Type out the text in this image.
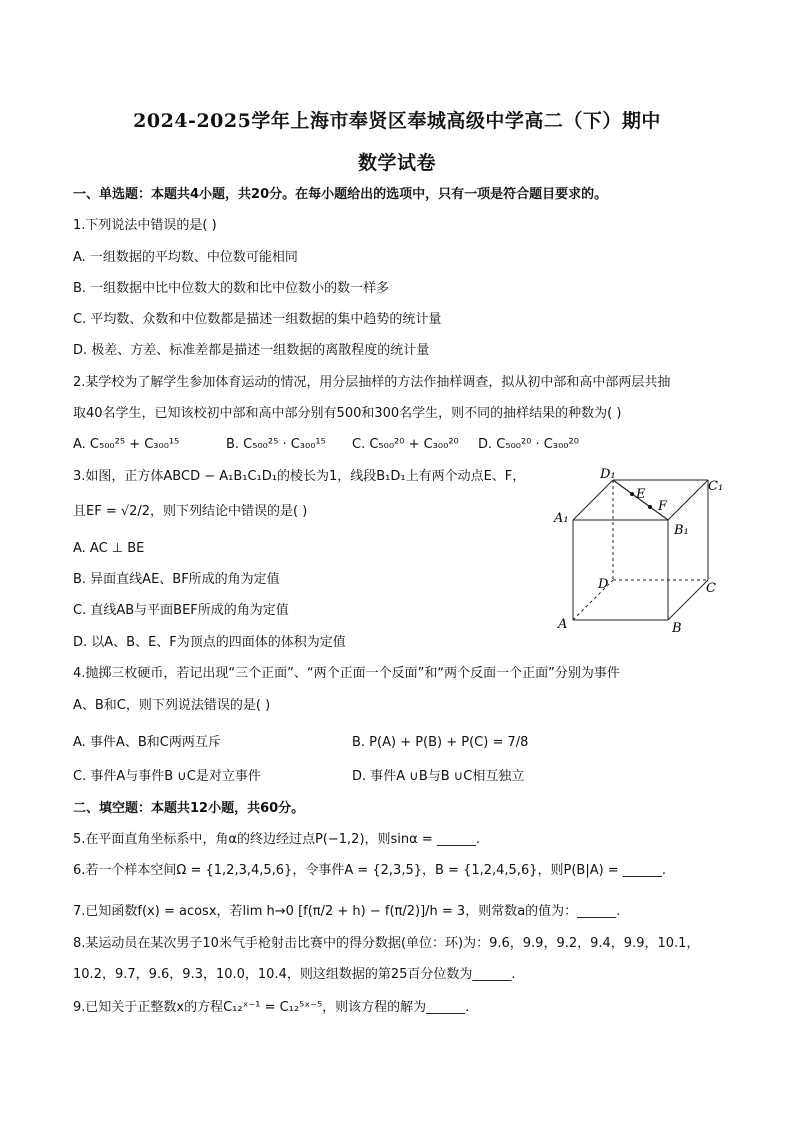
2024-2025学年上海市奉贤区奉城高级中学高二（下）期中
数学试卷
一、单选题：本题共4小题，共20分。在每小题给出的选项中，只有一项是符合题目要求的。
1.下列说法中错误的是( )
A. 一组数据的平均数、中位数可能相同
B. 一组数据中比中位数大的数和比中位数小的数一样多
C. 平均数、众数和中位数都是描述一组数据的集中趋势的统计量
D. 极差、方差、标准差都是描述一组数据的离散程度的统计量
2.某学校为了解学生参加体育运动的情况，用分层抽样的方法作抽样调查，拟从初中部和高中部两层共抽
取40名学生，已知该校初中部和高中部分别有500和300名学生，则不同的抽样结果的种数为( )
A. C₅₀₀²⁵ + C₃₀₀¹⁵	B. C₅₀₀²⁵ · C₃₀₀¹⁵ C. C₅₀₀²⁰ + C₃₀₀²⁰ D. C₅₀₀²⁰ · C₃₀₀²⁰
3.如图，正方体ABCD − A₁B₁C₁D₁的棱长为1，线段B₁D₁上有两个动点E、F，
且EF = √2/2，则下列结论中错误的是( )
A. AC ⊥ BE
B. 异面直线AE、BF所成的角为定值
C. 直线AB与平面BEF所成的角为定值
D. 以A、B、E、F为顶点的四面体的体积为定值
D₁
E
F
C₁
A₁
B₁
D	C
A	B
4.抛掷三枚硬币，若记出现“三个正面”、“两个正面一个反面”和“两个反面一个正面”分别为事件
A、B和C，则下列说法错误的是( )
A. 事件A、B和C两两互斥	B. P(A) + P(B) + P(C) = 7/8
C. 事件A与事件B ∪C是对立事件	D. 事件A ∪B与B ∪C相互独立
二、填空题：本题共12小题，共60分。
5.在平面直角坐标系中，角α的终边经过点P(−1,2)，则sinα = ______.
6.若一个样本空间Ω = {1,2,3,4,5,6}，令事件A = {2,3,5}，B = {1,2,4,5,6}，则P(B|A) = ______.
7.已知函数f(x) = acosx，若lim h→0 [f(π/2 + h) − f(π/2)]/h = 3，则常数a的值为：______.
8.某运动员在某次男子10米气手枪射击比赛中的得分数据(单位：环)为：9.6，9.9，9.2，9.4，9.9，10.1，
10.2，9.7，9.6，9.3，10.0，10.4，则这组数据的第25百分位数为______.
9.已知关于正整数x的方程C₁₂ˣ⁻¹ = C₁₂⁵ˣ⁻⁵，则该方程的解为______.
